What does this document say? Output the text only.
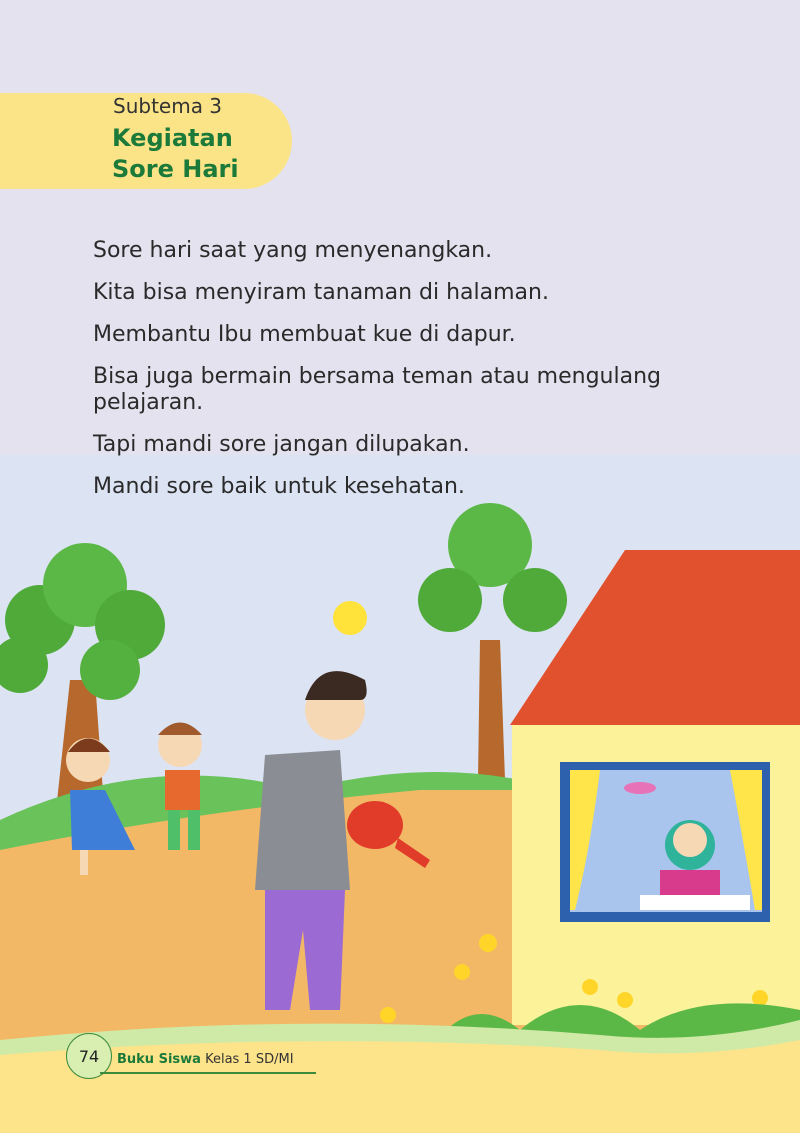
Subtema 3
Kegiatan
Sore Hari

Sore hari saat yang menyenangkan.

Kita bisa menyiram tanaman di halaman.

Membantu Ibu membuat kue di dapur.

Bisa juga bermain bersama teman atau mengulang pelajaran.

Tapi mandi sore jangan dilupakan.

Mandi sore baik untuk kesehatan.

74	Buku Siswa Kelas 1 SD/MI
